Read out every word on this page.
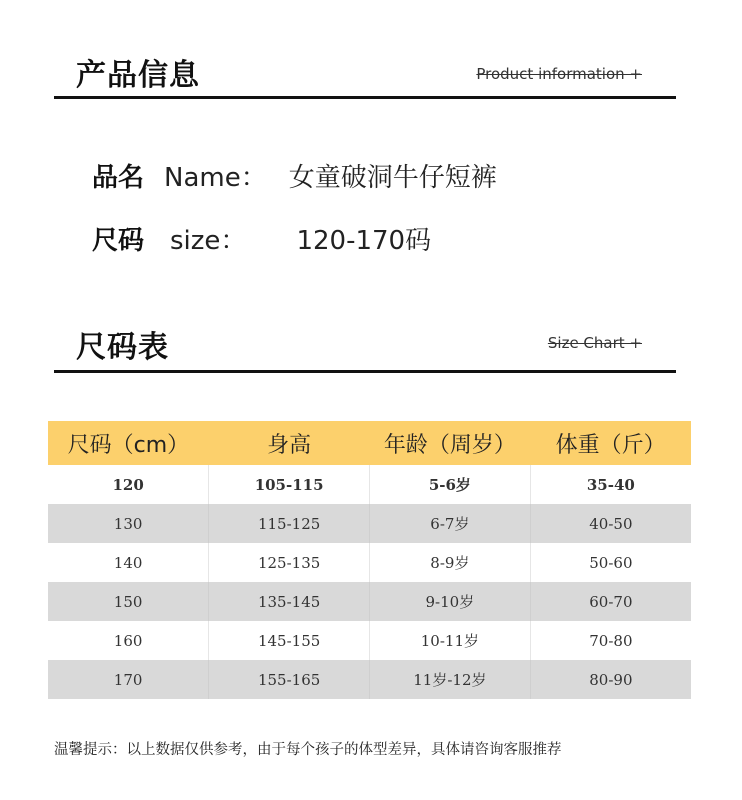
产品信息	Product information +
品名 Name： 女童破洞牛仔短裤
尺码 size： 120-170码
尺码表	Size Chart +
尺码（cm）	身高	年龄（周岁）	体重（斤）
120	105-115	5-6岁	35-40
130	115-125	6-7岁	40-50
140	125-135	8-9岁	50-60
150	135-145	9-10岁	60-70
160	145-155	10-11岁	70-80
170	155-165	11岁-12岁	80-90
温馨提示：以上数据仅供参考，由于每个孩子的体型差异，具体请咨询客服推荐
